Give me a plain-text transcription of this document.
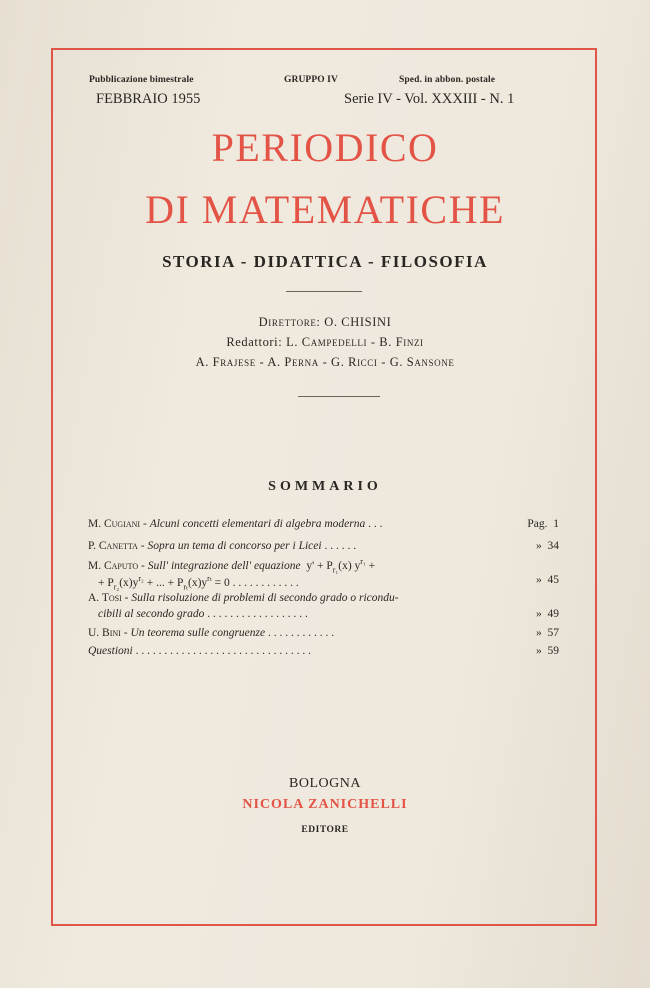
Pubblicazione bimestrale	GRUPPO IV	Sped. in abbon. postale
FEBBRAIO 1955	Serie IV - Vol. XXXIII - N. 1
PERIODICO
DI MATEMATICHE
STORIA - DIDATTICA - FILOSOFIA
Direttore: O. CHISINI
Redattori: L. Campedelli - B. Finzi
A. Frajese - A. Perna - G. Ricci - G. Sansone
SOMMARIO
M. Cugiani - Alcuni concetti elementari di algebra moderna . . .	Pag. 1
P. Canetta - Sopra un tema di concorso per i Licei . . . . . .	» 34
M. Caputo - Sull' integrazione dell' equazione $y' + P_{r_1}(x) y^{r_1}$ +
+ $P_{r_2}(x)y^{r_2}$ + ... + $P_{r_t}(x)y^{r_t} = 0$ . . . . . . . . . . . .	» 45
A. Tosi - Sulla risoluzione di problemi di secondo grado o ricondu-
cibili al secondo grado . . . . . . . . . . . . . . . . . .	» 49
U. Bini - Un teorema sulle congruenze . . . . . . . . . . . .	» 57
Questioni . . . . . . . . . . . . . . . . . . . . . . . . . . . . . . .	» 59
BOLOGNA
NICOLA ZANICHELLI
EDITORE
